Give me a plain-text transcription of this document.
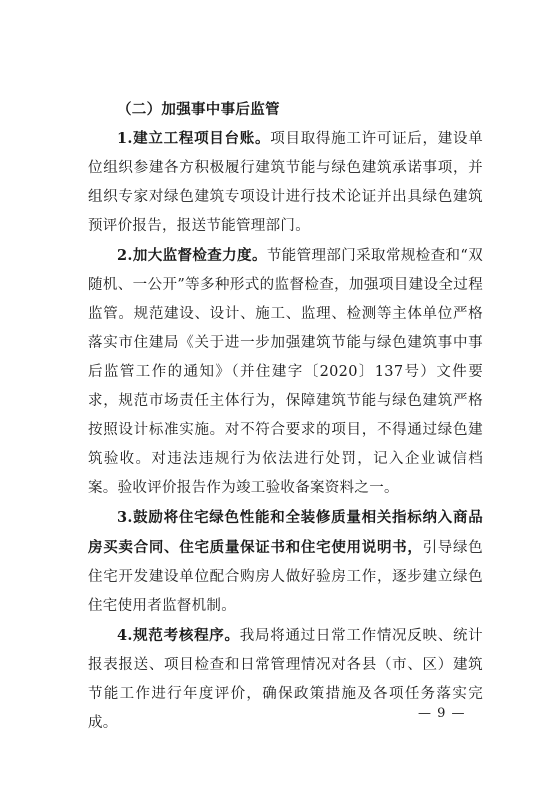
（二）加强事中事后监管

1.建立工程项目台账。项目取得施工许可证后，建设单位组织参建各方积极履行建筑节能与绿色建筑承诺事项，并组织专家对绿色建筑专项设计进行技术论证并出具绿色建筑预评价报告，报送节能管理部门。

2.加大监督检查力度。节能管理部门采取常规检查和“双随机、一公开”等多种形式的监督检查，加强项目建设全过程监管。规范建设、设计、施工、监理、检测等主体单位严格落实市住建局《关于进一步加强建筑节能与绿色建筑事中事后监管工作的通知》（并住建字〔2020〕137号）文件要求，规范市场责任主体行为，保障建筑节能与绿色建筑严格按照设计标准实施。对不符合要求的项目，不得通过绿色建筑验收。对违法违规行为依法进行处罚，记入企业诚信档案。验收评价报告作为竣工验收备案资料之一。

3.鼓励将住宅绿色性能和全装修质量相关指标纳入商品房买卖合同、住宅质量保证书和住宅使用说明书，引导绿色住宅开发建设单位配合购房人做好验房工作，逐步建立绿色住宅使用者监督机制。

4.规范考核程序。我局将通过日常工作情况反映、统计报表报送、项目检查和日常管理情况对各县（市、区）建筑节能工作进行年度评价，确保政策措施及各项任务落实完成。

— 9 —
